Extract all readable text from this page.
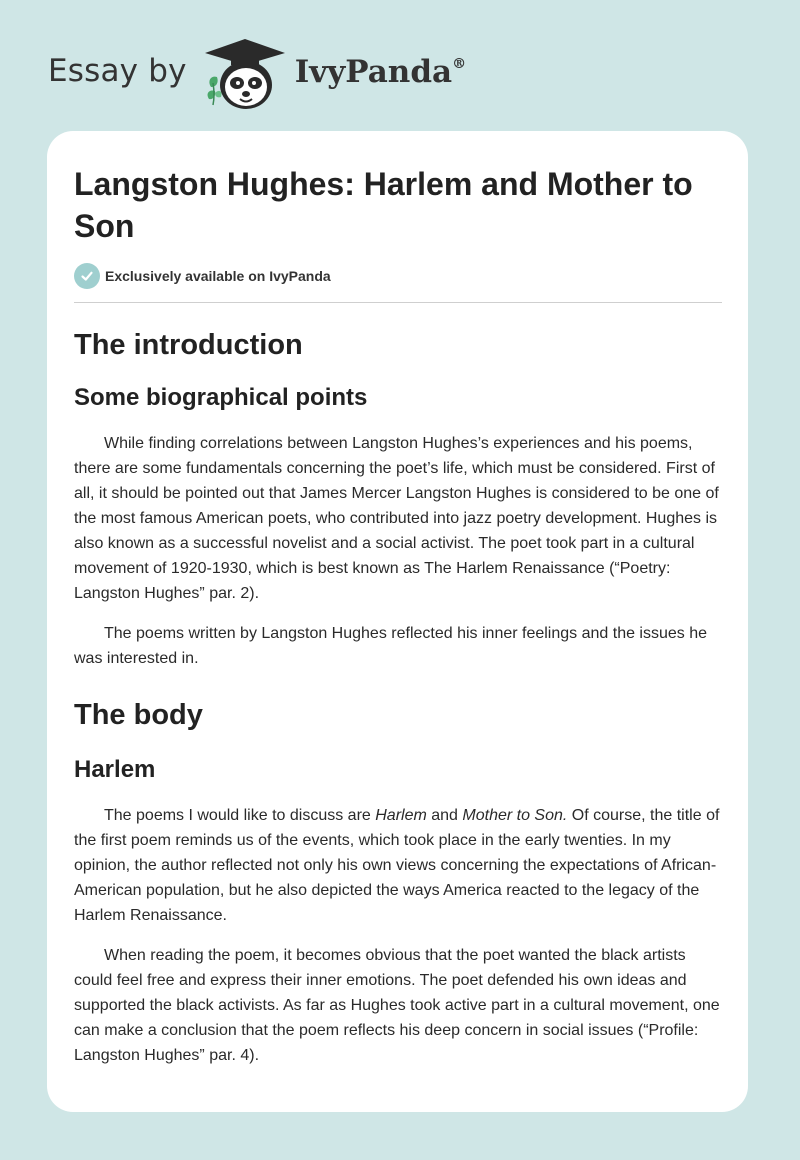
Essay by	IvyPanda®
Langston Hughes: Harlem and Mother to Son
Exclusively available on IvyPanda
The introduction
Some biographical points

While finding correlations between Langston Hughes’s experiences and his poems, there are some fundamentals concerning the poet’s life, which must be considered. First of all, it should be pointed out that James Mercer Langston Hughes is considered to be one of the most famous American poets, who contributed into jazz poetry development. Hughes is also known as a successful novelist and a social activist. The poet took part in a cultural movement of 1920-1930, which is best known as The Harlem Renaissance (“Poetry: Langston Hughes” par. 2).

The poems written by Langston Hughes reflected his inner feelings and the issues he was interested in.

The body
Harlem

The poems I would like to discuss are Harlem and Mother to Son. Of course, the title of the first poem reminds us of the events, which took place in the early twenties. In my opinion, the author reflected not only his own views concerning the expectations of African-American population, but he also depicted the ways America reacted to the legacy of the Harlem Renaissance.

When reading the poem, it becomes obvious that the poet wanted the black artists could feel free and express their inner emotions. The poet defended his own ideas and supported the black activists. As far as Hughes took active part in a cultural movement, one can make a conclusion that the poem reflects his deep concern in social issues (“Profile: Langston Hughes” par. 4).
